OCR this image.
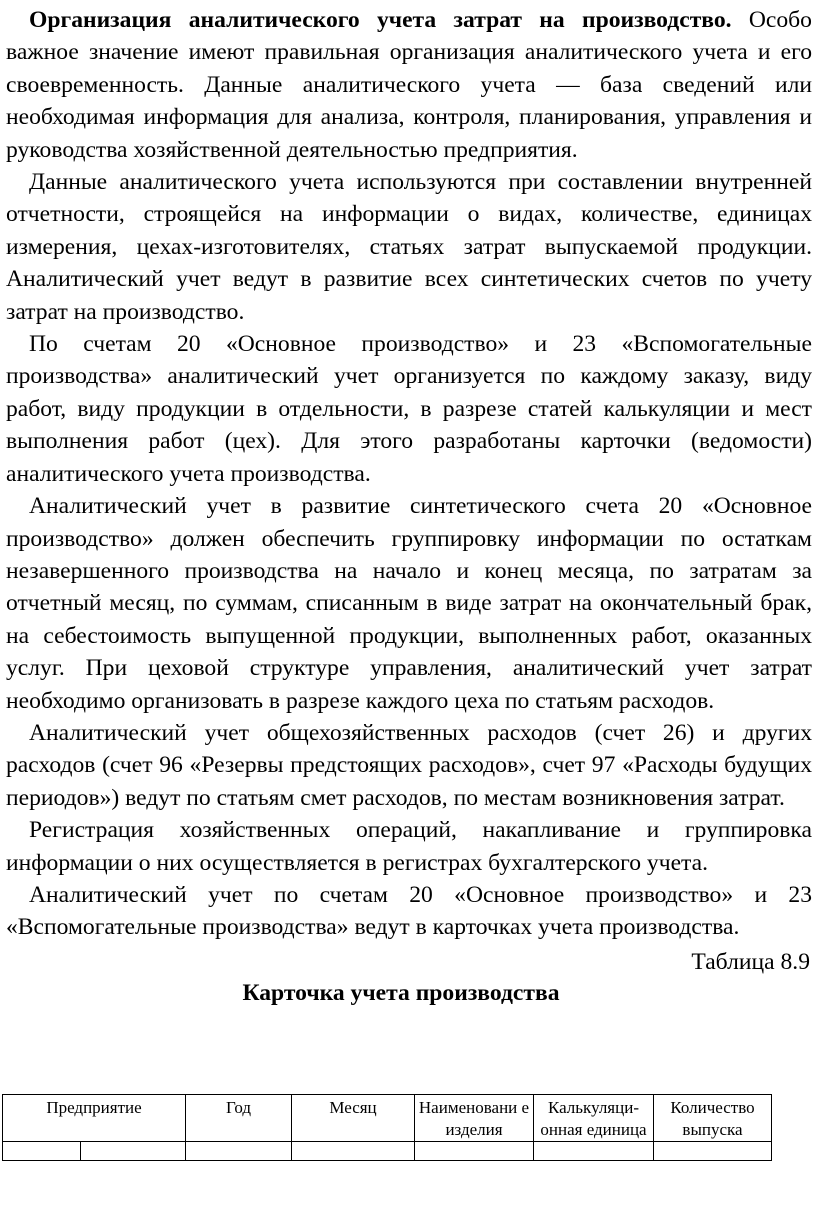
Организация аналитического учета затрат на производство. Особо важное значение имеют правильная организация аналитического учета и его своевременность. Данные аналитического учета — база сведений или необходимая информация для анализа, контроля, планирования, управления и руководства хозяйственной деятельностью предприятия.

Данные аналитического учета используются при составлении внутренней отчетности, строящейся на информации о видах, количестве, единицах измерения, цехах-изготовителях, статьях затрат выпускаемой продукции. Аналитический учет ведут в развитие всех синтетических счетов по учету затрат на производство.

По счетам 20 «Основное производство» и 23 «Вспомогательные производства» аналитический учет организуется по каждому заказу, виду работ, виду продукции в отдельности, в разрезе статей калькуляции и мест выполнения работ (цех). Для этого разработаны карточки (ведомости) аналитического учета производства.

Аналитический учет в развитие синтетического счета 20 «Основное производство» должен обеспечить группировку информации по остаткам незавершенного производства на начало и конец месяца, по затратам за отчетный месяц, по суммам, списанным в виде затрат на окончательный брак, на себестоимость выпущенной продукции, выполненных работ, оказанных услуг. При цеховой структуре управления, аналитический учет затрат необходимо организовать в разрезе каждого цеха по статьям расходов.

Аналитический учет общехозяйственных расходов (счет 26) и других расходов (счет 96 «Резервы предстоящих расходов», счет 97 «Расходы будущих периодов») ведут по статьям смет расходов, по местам возникновения затрат.

Регистрация хозяйственных операций, накапливание и группировка информации о них осуществляется в регистрах бухгалтерского учета.

Аналитический учет по счетам 20 «Основное производство» и 23 «Вспомогательные производства» ведут в карточках учета производства.

Таблица 8.9

Карточка учета производства

Предприятие		Год	Месяц	Наименовани е изделия	Калькуляци-онная единица	Количество выпуска
